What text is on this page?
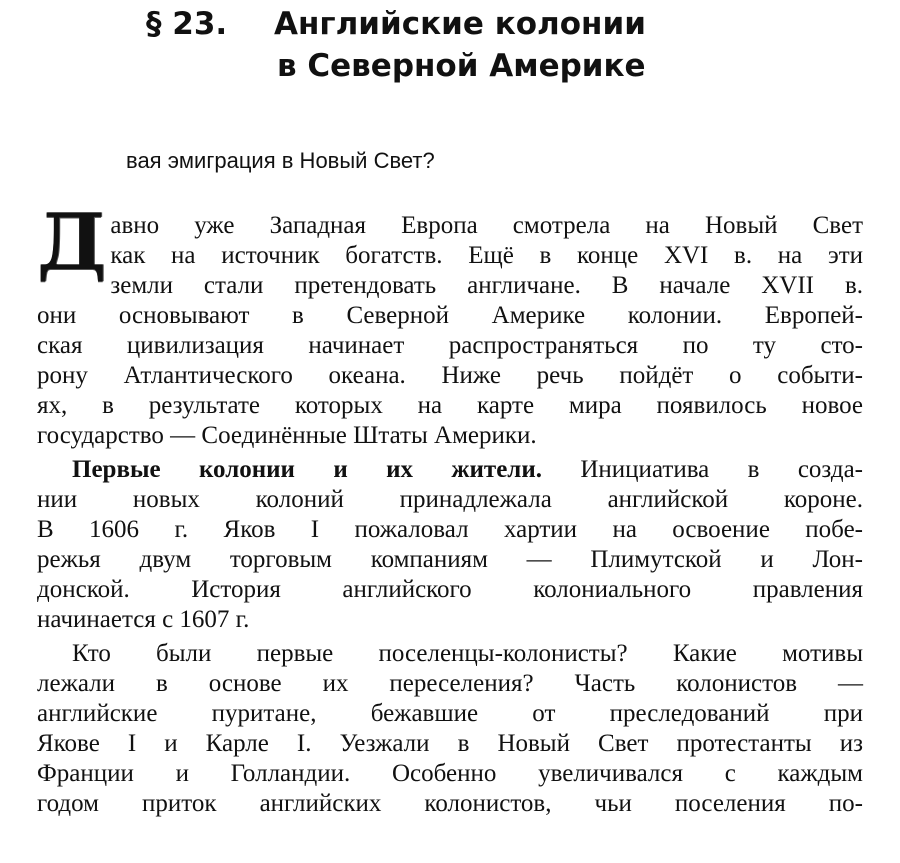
§ 23. Английские колонии
в Северной Америке
вая эмиграция в Новый Свет?
Д авно уже Западная Европа смотрела на Новый Свет
как на источник богатств. Ещё в конце XVI в. на эти
земли стали претендовать англичане. В начале XVII в.
они основывают в Северной Америке колонии. Европей-
ская цивилизация начинает распространяться по ту сто-
рону Атлантического океана. Ниже речь пойдёт о событи-
ях, в результате которых на карте мира появилось новое
государство — Соединённые Штаты Америки.
Первые колонии и их жители. Инициатива в созда-
нии новых колоний принадлежала английской короне.
В 1606 г. Яков I пожаловал хартии на освоение побе-
режья двум торговым компаниям — Плимутской и Лон-
донской. История английского колониального правления
начинается с 1607 г.
Кто были первые поселенцы-колонисты? Какие мотивы
лежали в основе их переселения? Часть колонистов —
английские пуритане, бежавшие от преследований при
Якове I и Карле I. Уезжали в Новый Свет протестанты из
Франции и Голландии. Особенно увеличивался с каждым
годом приток английских колонистов, чьи поселения по-
